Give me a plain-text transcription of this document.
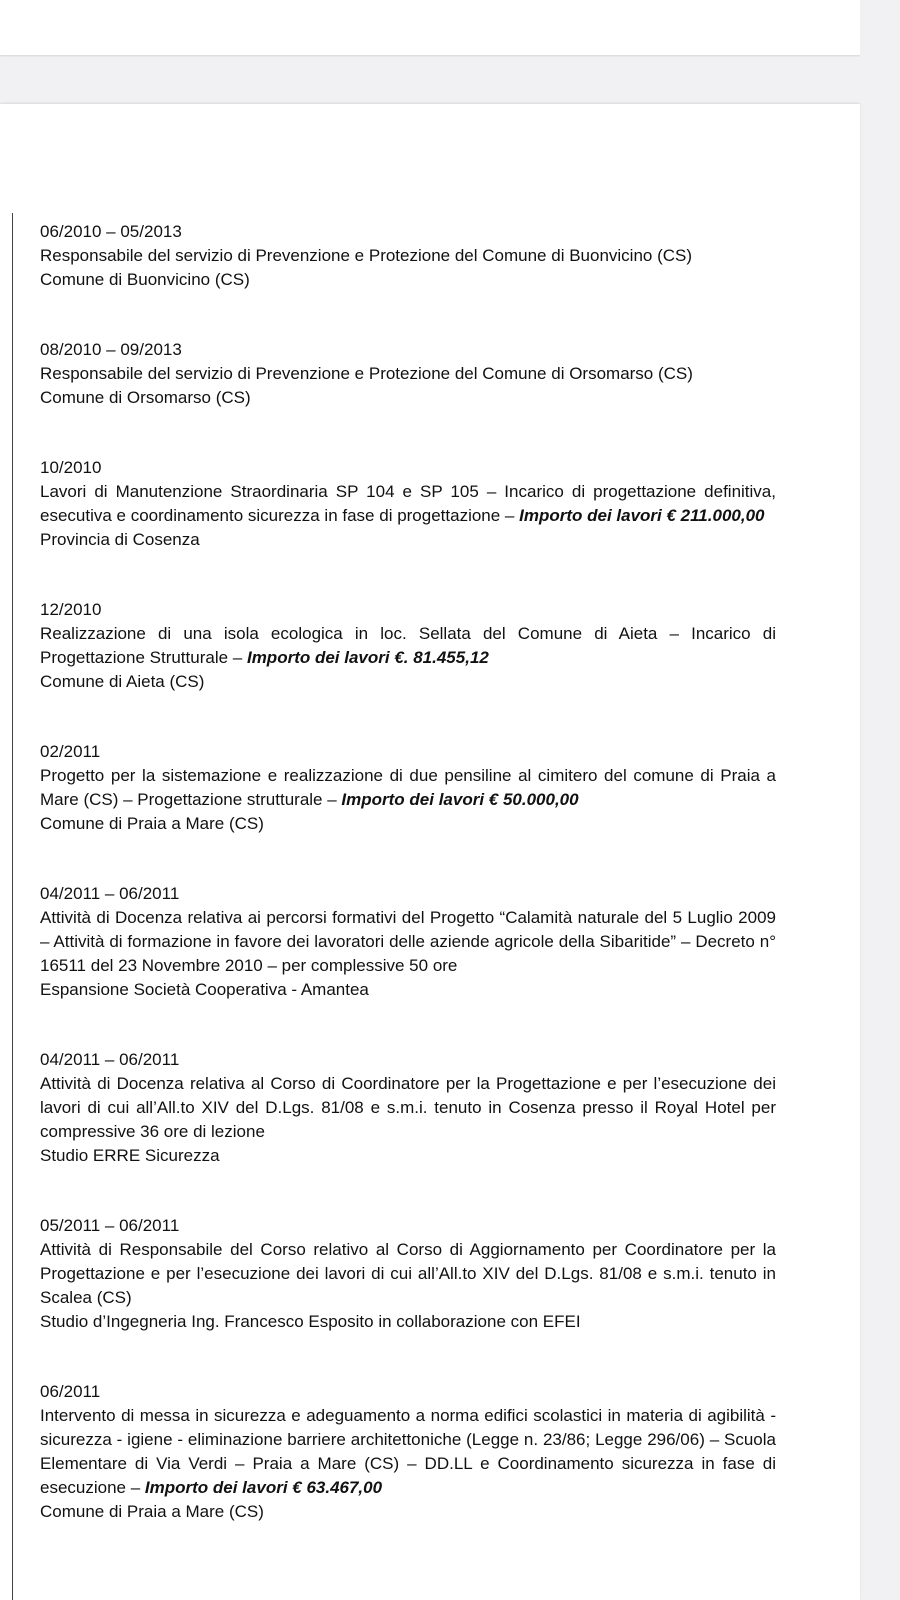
06/2010 – 05/2013

Responsabile del servizio di Prevenzione e Protezione del Comune di Buonvicino (CS)

Comune di Buonvicino (CS)

08/2010 – 09/2013

Responsabile del servizio di Prevenzione e Protezione del Comune di Orsomarso (CS)

Comune di Orsomarso (CS)

10/2010

Lavori di Manutenzione Straordinaria SP 104 e SP 105 – Incarico di progettazione definitiva, esecutiva e coordinamento sicurezza in fase di progettazione – Importo dei lavori € 211.000,00

Provincia di Cosenza

12/2010

Realizzazione di una isola ecologica in loc. Sellata del Comune di Aieta – Incarico di Progettazione Strutturale – Importo dei lavori €. 81.455,12

Comune di Aieta (CS)

02/2011

Progetto per la sistemazione e realizzazione di due pensiline al cimitero del comune di Praia a Mare (CS) – Progettazione strutturale – Importo dei lavori € 50.000,00

Comune di Praia a Mare (CS)

04/2011 – 06/2011

Attività di Docenza relativa ai percorsi formativi del Progetto “Calamità naturale del 5 Luglio 2009 – Attività di formazione in favore dei lavoratori delle aziende agricole della Sibaritide” – Decreto n° 16511 del 23 Novembre 2010 – per complessive 50 ore

Espansione Società Cooperativa - Amantea

04/2011 – 06/2011

Attività di Docenza relativa al Corso di Coordinatore per la Progettazione e per l’esecuzione dei lavori di cui all’All.to XIV del D.Lgs. 81/08 e s.m.i. tenuto in Cosenza presso il Royal Hotel per compressive 36 ore di lezione

Studio ERRE Sicurezza

05/2011 – 06/2011

Attività di Responsabile del Corso relativo al Corso di Aggiornamento per Coordinatore per la Progettazione e per l’esecuzione dei lavori di cui all’All.to XIV del D.Lgs. 81/08 e s.m.i. tenuto in Scalea (CS)

Studio d’Ingegneria Ing. Francesco Esposito in collaborazione con EFEI

06/2011

Intervento di messa in sicurezza e adeguamento a norma edifici scolastici in materia di agibilità - sicurezza - igiene - eliminazione barriere architettoniche (Legge n. 23/86; Legge 296/06) – Scuola Elementare di Via Verdi – Praia a Mare (CS) – DD.LL e Coordinamento sicurezza in fase di esecuzione – Importo dei lavori € 63.467,00

Comune di Praia a Mare (CS)
